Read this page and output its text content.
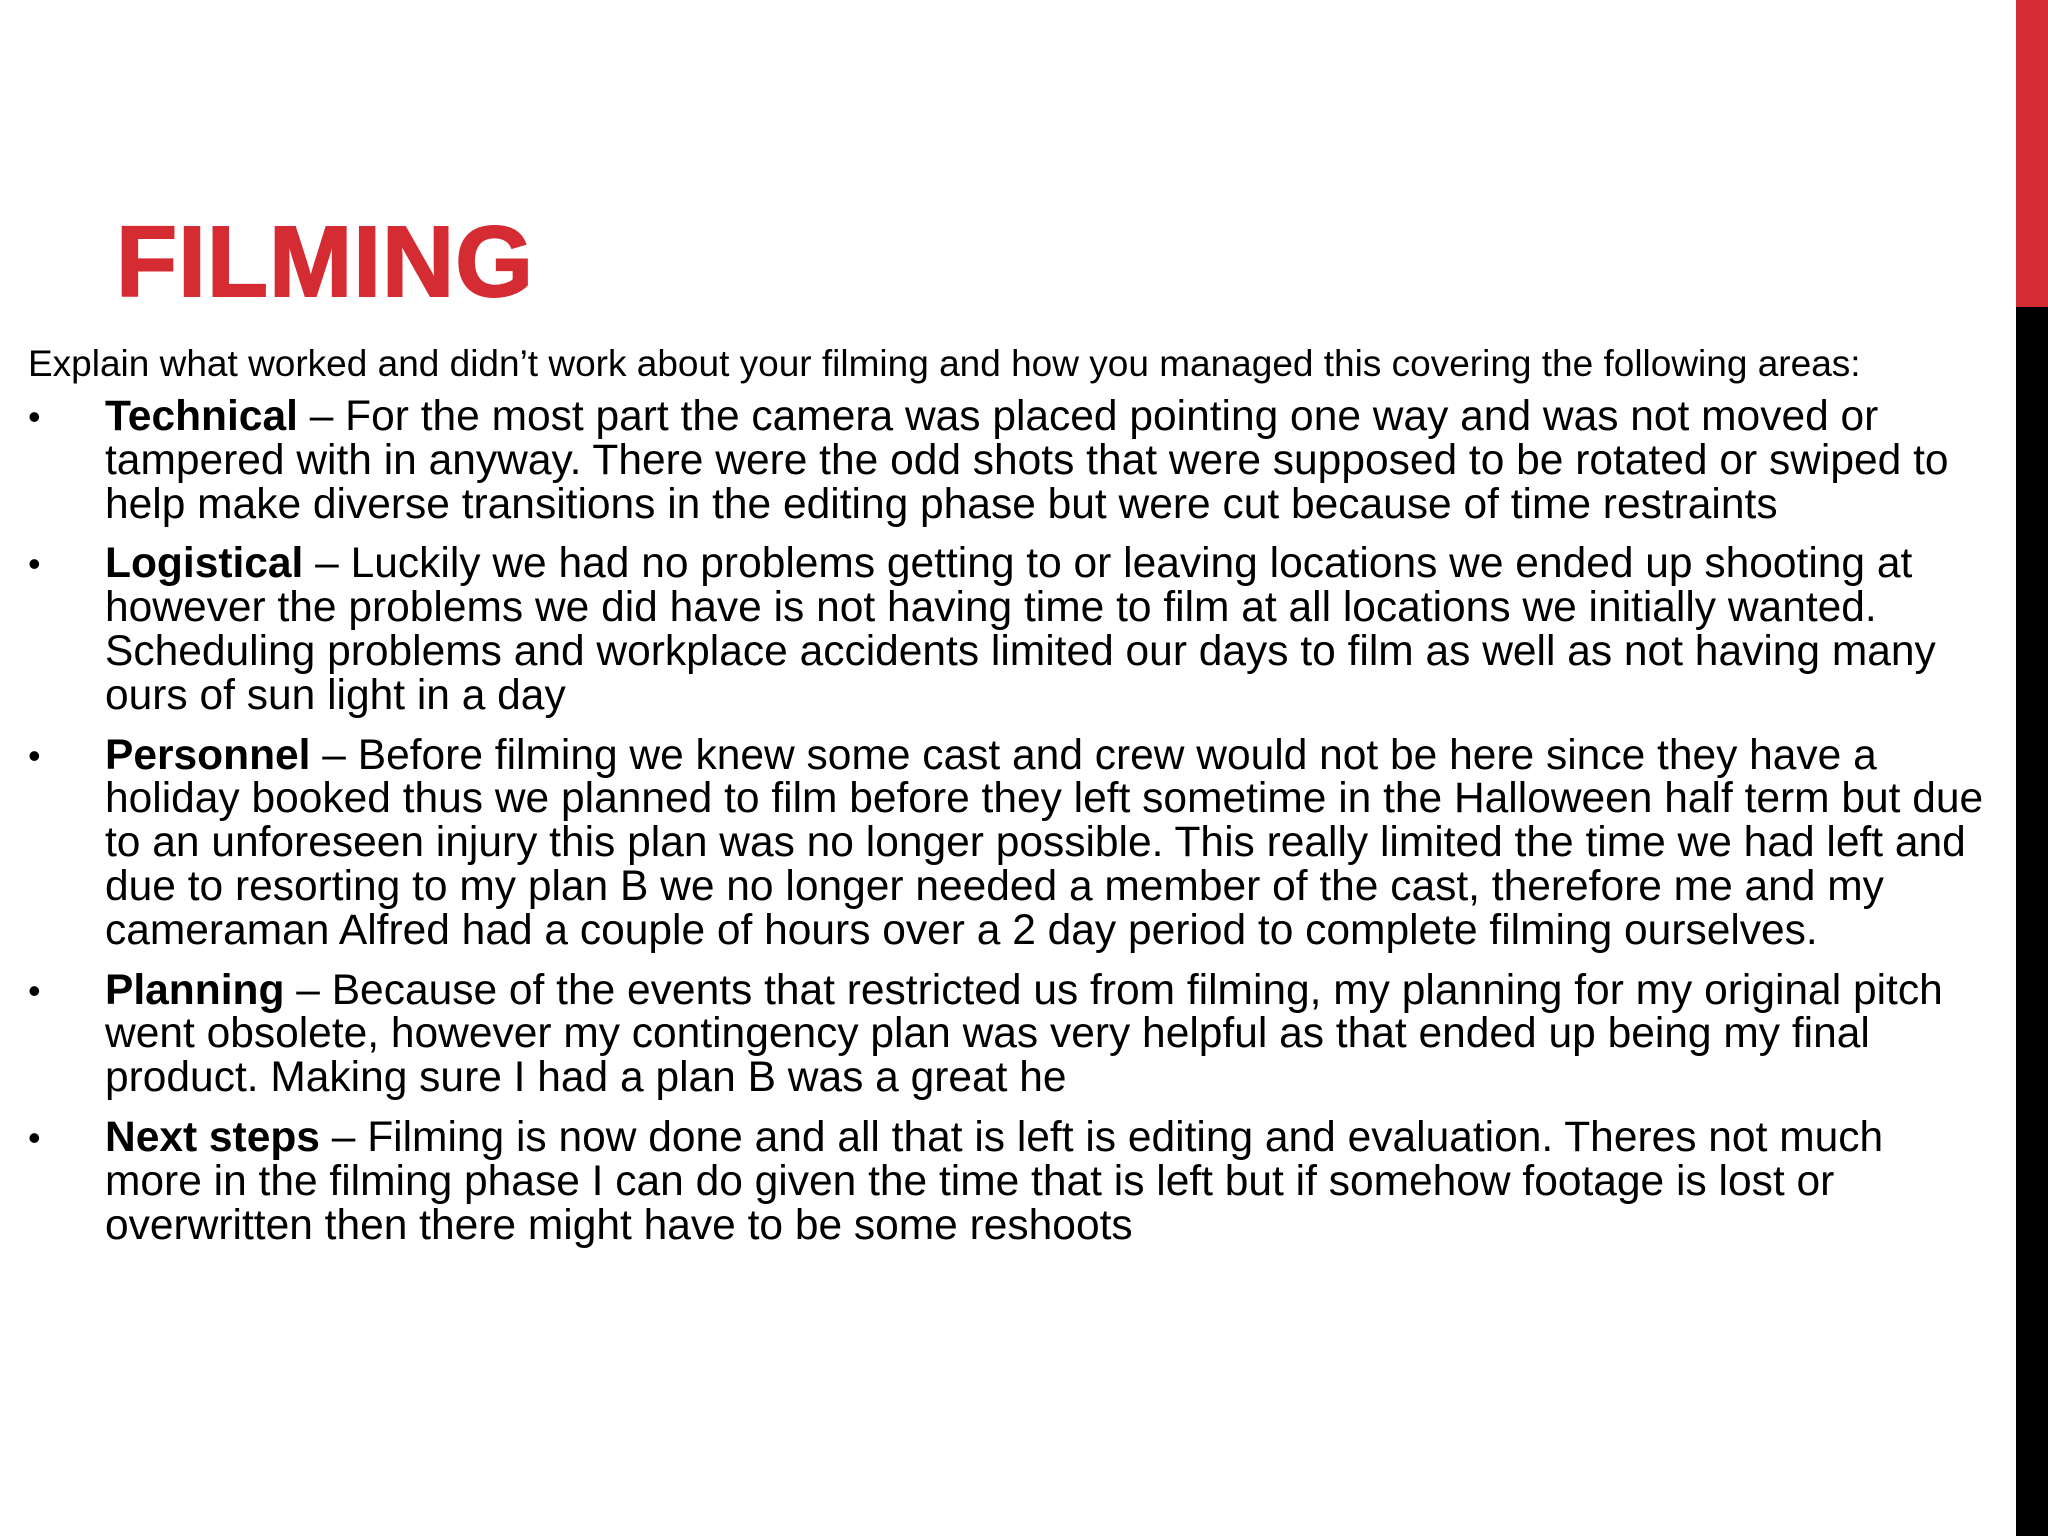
FILMING

Explain what worked and didn’t work about your filming and how you managed this covering the following areas:

•	Technical – For the most part the camera was placed pointing one way and was not moved or tampered with in anyway. There were the odd shots that were supposed to be rotated or swiped to help make diverse transitions in the editing phase but were cut because of time restraints
•	Logistical – Luckily we had no problems getting to or leaving locations we ended up shooting at however the problems we did have is not having time to film at all locations we initially wanted. Scheduling problems and workplace accidents limited our days to film as well as not having many ours of sun light in a day
•	Personnel – Before filming we knew some cast and crew would not be here since they have a holiday booked thus we planned to film before they left sometime in the Halloween half term but due to an unforeseen injury this plan was no longer possible. This really limited the time we had left and due to resorting to my plan B we no longer needed a member of the cast, therefore me and my cameraman Alfred had a couple of hours over a 2 day period to complete filming ourselves.
•	Planning – Because of the events that restricted us from filming, my planning for my original pitch went obsolete, however my contingency plan was very helpful as that ended up being my final product. Making sure I had a plan B was a great he
•	Next steps – Filming is now done and all that is left is editing and evaluation. Theres not much more in the filming phase I can do given the time that is left but if somehow footage is lost or overwritten then there might have to be some reshoots
